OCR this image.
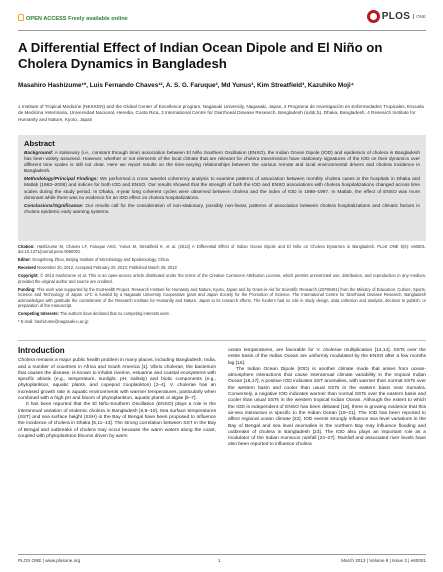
OPEN ACCESS Freely available online	PLOS	ONE
A Differential Effect of Indian Ocean Dipole and El Niño on Cholera Dynamics in Bangladesh
Masahiro Hashizume¹*, Luis Fernando Chaves¹², A. S. G. Faruque³, Md Yunus³, Kim Streatfield³, Kazuhiko Moji⁴
1 Institute of Tropical Medicine (NEKKEN) and the Global Center of Excellence program, Nagasaki University, Nagasaki, Japan, 2 Programa de Investigación en Enfermedades Tropicales, Escuela de Medicina Veterinaria, Universidad Nacional, Heredia, Costa Rica, 3 International Centre for Diarrhoeal Disease Research, Bangladesh (icddr,b), Dhaka, Bangladesh, 4 Research Institute for Humanity and Nature, Kyoto, Japan
Abstract

Background: A stationary (i.e., constant through time) association between El Niño Southern Oscillation (ENSO), the Indian Ocean Dipole (IOD) and epidemics of cholera in Bangladesh has been widely assumed. However, whether or not elements of the local climate that are relevant for cholera transmission have stationary signatures of the IOD on their dynamics over different time scales is still not clear. Here we report results on the time-varying relationships between the various remote and local environmental drivers and cholera incidence in Bangladesh.

Methodology/Principal Findings: We performed a cross wavelet coherency analysis to examine patterns of association between monthly cholera cases in the hospitals in Dhaka and Matlab (1983–2008) and indices for both IOD and ENSO. Our results showed that the strength of both the IOD and ENSO associations with cholera hospitalizations changed across time scales during the study period. In Dhaka, 4-year long coherent cycles were observed between cholera and the index of IOD in 1988–1997. In Matlab, the effect of ENSO was more dominant while there was no evidence for an IOD effect on cholera hospitalizations.

Conclusions/Significance: Our results call for the consideration of non-stationary, possibly non-linear, patterns of association between cholera hospitalizations and climatic factors in cholera epidemic early warning systems.

Citation: Hashizume M, Chaves LF, Faruque ASG, Yunus M, Streatfield K, et al. (2013) A Differential Effect of Indian Ocean Dipole and El Niño on Cholera Dynamics in Bangladesh. PLoS ONE 8(3): e60001. doi:10.1371/journal.pone.0060001

Editor: Dongsheng Zhou, Beijing Institute of Microbiology and Epidemiology, China

Received November 20, 2012; Accepted February 20, 2013; Published March 29, 2013

Copyright: © 2013 Hashizume et al. This is an open-access article distributed under the terms of the Creative Commons Attribution License, which permits unrestricted use, distribution, and reproduction in any medium, provided the original author and source are credited.

Funding: This work was supported by the EcoHealth Project, Research Institute for Humanity and Nature, Kyoto, Japan and by Grant-in-Aid for Scientific Research (20790461) from the Ministry of Education, Culture, Sports, Science and Technology of Japan. LFC is funded by a Nagasaki University Cooperative grant and Japan Society for the Promotion of Science. The International Centre for Diarrhoeal Disease Research, Bangladesh acknowledges with gratitude the commitment of the Research Institute for Humanity and Nature, Japan to its research efforts. The funders had no role in study design, data collection and analysis, decision to publish, or preparation of the manuscript.

Competing Interests: The authors have declared that no competing interests exist.

* E-mail: hashizume@nagasaki-u.ac.jp

Introduction

Cholera remains a major public health problem in many places, including Bangladesh, India, and a number of countries in Africa and South America [1]. Vibrio cholerae, the bacterium that causes the disease, is known to inhabit riverine, estuarine and coastal ecosystems with specific abiotic (e.g., temperature, sunlight, pH, salinity) and biotic components (e.g., phytoplankton, aquatic plants, and copepod zooplankton) [2–4]. V. cholerae has an increased growth rate in aquatic environments with warmer temperatures, particularly when combined with a high pH and bloom of phytoplankton, aquatic plants or algae [5–7].

It has been reported that the El Niño-Southern Oscillation (ENSO) plays a role in the interannual variation of endemic cholera in Bangladesh [6,8–10]. Sea surface temperatures (SST) and sea surface height (SSH) in the Bay of Bengal have been proposed to influence the incidence of cholera in Dhaka [6,11–13]. The strong correlation between SST in the Bay of Bengal and outbreaks of cholera may occur because the warm waters along the coast, coupled with phytoplankton blooms driven by warm

ocean temperatures, are favorable for V. cholerae multiplication [12,14]. SSTs over the entire basin of the Indian Ocean are uniformly modulated by the ENSO after a few months lag [15].

The Indian Ocean Dipole (IOD) is another climate mode that arises from ocean-atmosphere interactions that cause interannual climate variability in the tropical Indian Ocean [16,17]. A positive IOD indicates SST anomalies, with warmer than normal SSTs over the western basin and cooler than usual SSTs in the eastern basin near Sumatra. Conversely, a negative IOD indicates warmer than normal SSTs over the eastern basin and cooler than usual SSTs in the western tropical Indian Ocean. Although the extent to which the IOD is independent of ENSO has been debated [18], there is growing evidence that this air-sea interaction is specific to the Indian Ocean [19–21]. The IOD has been reported to affect regional ocean climate [22]. IOD events strongly influence sea level variations in the Bay of Bengal and sea level anomalies in the northern Bay may influence flooding and outbreaks of cholera in Bangladesh [23]. The IOD also plays an important role as a modulator of the Indian monsoon rainfall [24–27]. Rainfall and associated river levels have also been reported to influence cholera

PLOS ONE | www.plosone.org	1	March 2013 | Volume 8 | Issue 3 | e60001
